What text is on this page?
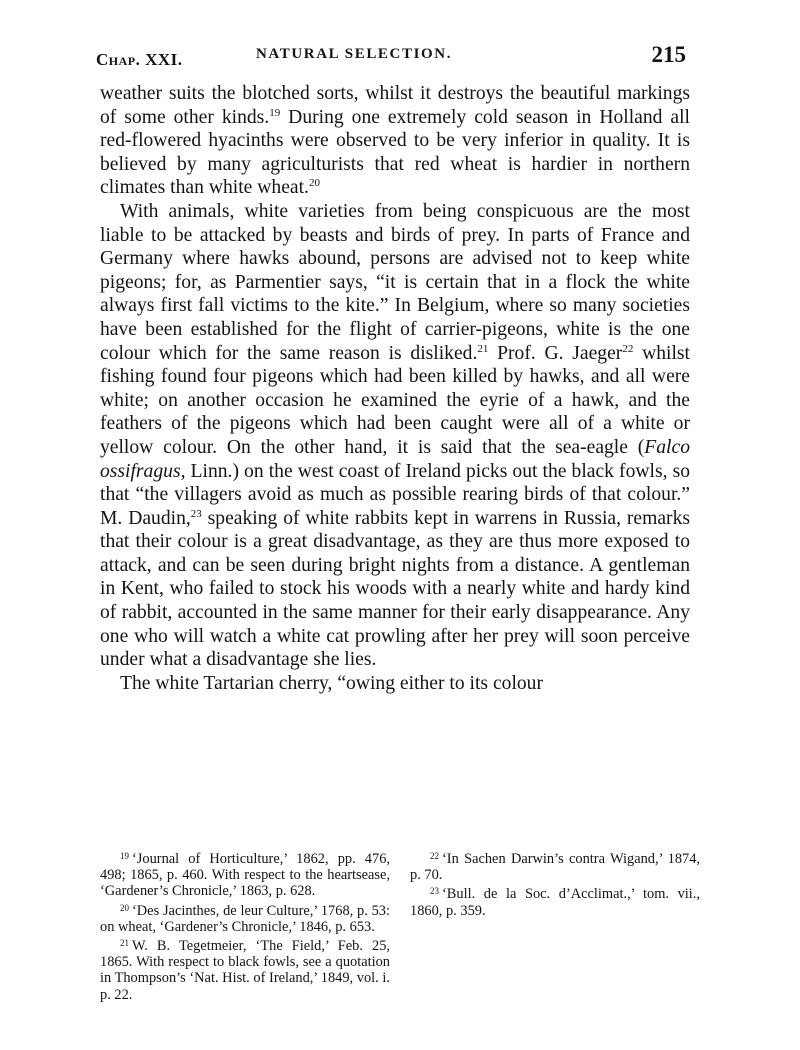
Chap. XXI.	NATURAL SELECTION.	215

weather suits the blotched sorts, whilst it destroys the beautiful markings of some other kinds.$^{19}$ During one extremely cold season in Holland all red-flowered hyacinths were observed to be very inferior in quality. It is believed by many agriculturists that red wheat is hardier in northern climates than white wheat.$^{20}$

With animals, white varieties from being conspicuous are the most liable to be attacked by beasts and birds of prey. In parts of France and Germany where hawks abound, persons are advised not to keep white pigeons; for, as Parmentier says, “it is certain that in a flock the white always first fall victims to the kite.” In Belgium, where so many societies have been established for the flight of carrier-pigeons, white is the one colour which for the same reason is disliked.$^{21}$ Prof. G. Jaeger$^{22}$ whilst fishing found four pigeons which had been killed by hawks, and all were white; on another occasion he examined the eyrie of a hawk, and the feathers of the pigeons which had been caught were all of a white or yellow colour. On the other hand, it is said that the sea-eagle (Falco ossifragus, Linn.) on the west coast of Ireland picks out the black fowls, so that “the villagers avoid as much as possible rearing birds of that colour.” M. Daudin,$^{23}$ speaking of white rabbits kept in warrens in Russia, remarks that their colour is a great disadvantage, as they are thus more exposed to attack, and can be seen during bright nights from a distance. A gentleman in Kent, who failed to stock his woods with a nearly white and hardy kind of rabbit, accounted in the same manner for their early disappearance. Any one who will watch a white cat prowling after her prey will soon perceive under what a disadvantage she lies.

The white Tartarian cherry, “owing either to its colour

$^{19}$ ‘Journal of Horticulture,’ 1862, pp. 476, 498; 1865, p. 460. With respect to the heartsease, ‘Gardener’s Chronicle,’ 1863, p. 628.

$^{20}$ ‘Des Jacinthes, de leur Culture,’ 1768, p. 53: on wheat, ‘Gardener’s Chronicle,’ 1846, p. 653.

$^{21}$ W. B. Tegetmeier, ‘The Field,’ Feb. 25, 1865. With respect to black fowls, see a quotation in Thompson’s ‘Nat. Hist. of Ireland,’ 1849, vol. i. p. 22.

$^{22}$ ‘In Sachen Darwin’s contra Wigand,’ 1874, p. 70.

$^{23}$ ‘Bull. de la Soc. d’Acclimat.,’ tom. vii., 1860, p. 359.
